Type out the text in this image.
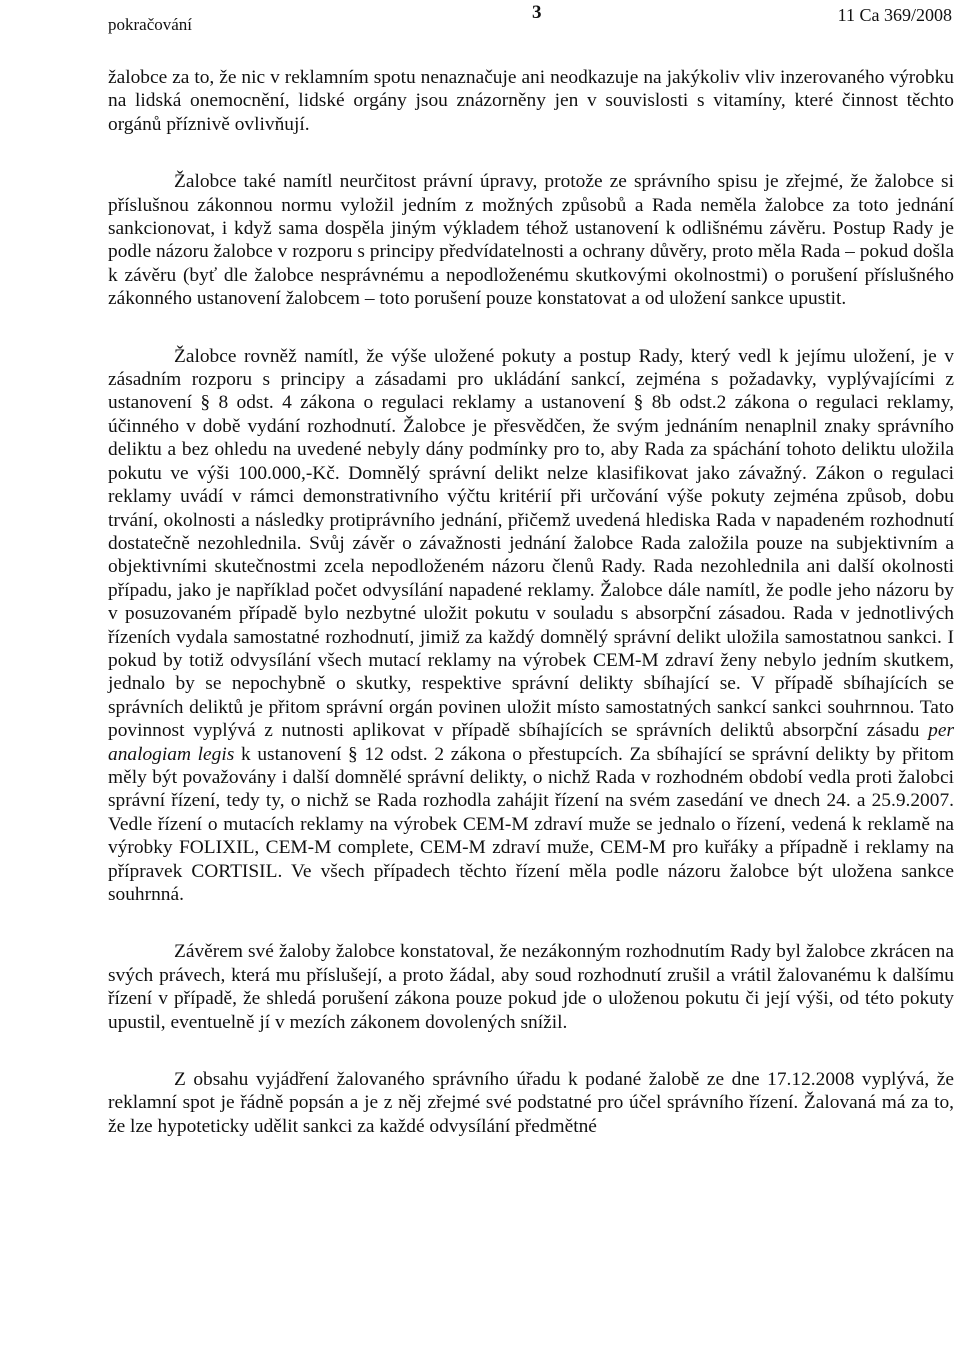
pokračování
3	11 Ca 369/2008

žalobce za to, že nic v reklamním spotu nenaznačuje ani neodkazuje na jakýkoliv vliv inzerovaného výrobku na lidská onemocnění, lidské orgány jsou znázorněny jen v souvislosti s vitamíny, které činnost těchto orgánů příznivě ovlivňují.

Žalobce také namítl neurčitost právní úpravy, protože ze správního spisu je zřejmé, že žalobce si příslušnou zákonnou normu vyložil jedním z možných způsobů a Rada neměla žalobce za toto jednání sankcionovat, i když sama dospěla jiným výkladem téhož ustanovení k odlišnému závěru. Postup Rady je podle názoru žalobce v rozporu s principy předvídatelnosti a ochrany důvěry, proto měla Rada – pokud došla k závěru (byť dle žalobce nesprávnému a nepodloženému skutkovými okolnostmi) o porušení příslušného zákonného ustanovení žalobcem – toto porušení pouze konstatovat a od uložení sankce upustit.

Žalobce rovněž namítl, že výše uložené pokuty a postup Rady, který vedl k jejímu uložení, je v zásadním rozporu s principy a zásadami pro ukládání sankcí, zejména s požadavky, vyplývajícími z ustanovení § 8 odst. 4 zákona o regulaci reklamy a ustanovení § 8b odst.2 zákona o regulaci reklamy, účinného v době vydání rozhodnutí. Žalobce je přesvědčen, že svým jednáním nenaplnil znaky správního deliktu a bez ohledu na uvedené nebyly dány podmínky pro to, aby Rada za spáchání tohoto deliktu uložila pokutu ve výši 100.000,-Kč. Domnělý správní delikt nelze klasifikovat jako závažný. Zákon o regulaci reklamy uvádí v rámci demonstrativního výčtu kritérií při určování výše pokuty zejména způsob, dobu trvání, okolnosti a následky protiprávního jednání, přičemž uvedená hlediska Rada v napadeném rozhodnutí dostatečně nezohlednila. Svůj závěr o závažnosti jednání žalobce Rada založila pouze na subjektivním a objektivními skutečnostmi zcela nepodloženém názoru členů Rady. Rada nezohlednila ani další okolnosti případu, jako je například počet odvysílání napadené reklamy. Žalobce dále namítl, že podle jeho názoru by v posuzovaném případě bylo nezbytné uložit pokutu v souladu s absorpční zásadou. Rada v jednotlivých řízeních vydala samostatné rozhodnutí, jimiž za každý domnělý správní delikt uložila samostatnou sankci. I pokud by totiž odvysílání všech mutací reklamy na výrobek CEM-M zdraví ženy nebylo jedním skutkem, jednalo by se nepochybně o skutky, respektive správní delikty sbíhající se. V případě sbíhajících se správních deliktů je přitom správní orgán povinen uložit místo samostatných sankcí sankci souhrnnou. Tato povinnost vyplývá z nutnosti aplikovat v případě sbíhajících se správních deliktů absorpční zásadu per analogiam legis k ustanovení § 12 odst. 2 zákona o přestupcích. Za sbíhající se správní delikty by přitom měly být považovány i další domnělé správní delikty, o nichž Rada v rozhodném období vedla proti žalobci správní řízení, tedy ty, o nichž se Rada rozhodla zahájit řízení na svém zasedání ve dnech 24. a 25.9.2007. Vedle řízení o mutacích reklamy na výrobek CEM-M zdraví muže se jednalo o řízení, vedená k reklamě na výrobky FOLIXIL, CEM-M complete, CEM-M zdraví muže, CEM-M pro kuřáky a případně i reklamy na přípravek CORTISIL. Ve všech případech těchto řízení měla podle názoru žalobce být uložena sankce souhrnná.

Závěrem své žaloby žalobce konstatoval, že nezákonným rozhodnutím Rady byl žalobce zkrácen na svých právech, která mu příslušejí, a proto žádal, aby soud rozhodnutí zrušil a vrátil žalovanému k dalšímu řízení v případě, že shledá porušení zákona pouze pokud jde o uloženou pokutu či její výši, od této pokuty upustil, eventuelně jí v mezích zákonem dovolených snížil.

Z obsahu vyjádření žalovaného správního úřadu k podané žalobě ze dne 17.12.2008 vyplývá, že reklamní spot je řádně popsán a je z něj zřejmé své podstatné pro účel správního řízení. Žalovaná má za to, že lze hypoteticky udělit sankci za každé odvysílání předmětné
